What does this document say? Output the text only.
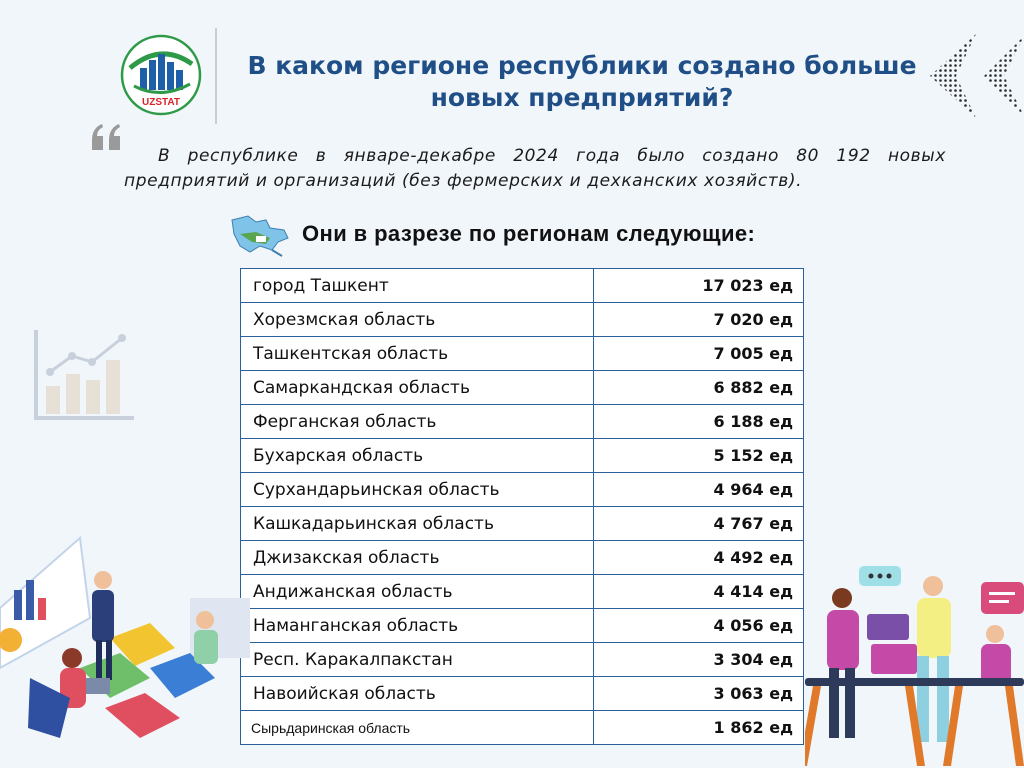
UZSTAT
В каком регионе республики создано больше
новых предприятий?
В республике в январе-декабре 2024 года было создано 80 192 новых предприятий и организаций (без фермерских и дехканских хозяйств).
Они в разрезе по регионам следующие:
город Ташкент	17 023 ед
Хорезмская область	7 020 ед
Ташкентская область	7 005 ед
Самаркандская область	6 882 ед
Ферганская область	6 188 ед
Бухарская область	5 152 ед
Сурхандарьинская область	4 964 ед
Кашкадарьинская область	4 767 ед
Джизакская область	4 492 ед
Андижанская область	4 414 ед
Наманганская область	4 056 ед
Респ. Каракалпакстан	3 304 ед
Навоийская область	3 063 ед
Сырьдаринская область	1 862 ед
